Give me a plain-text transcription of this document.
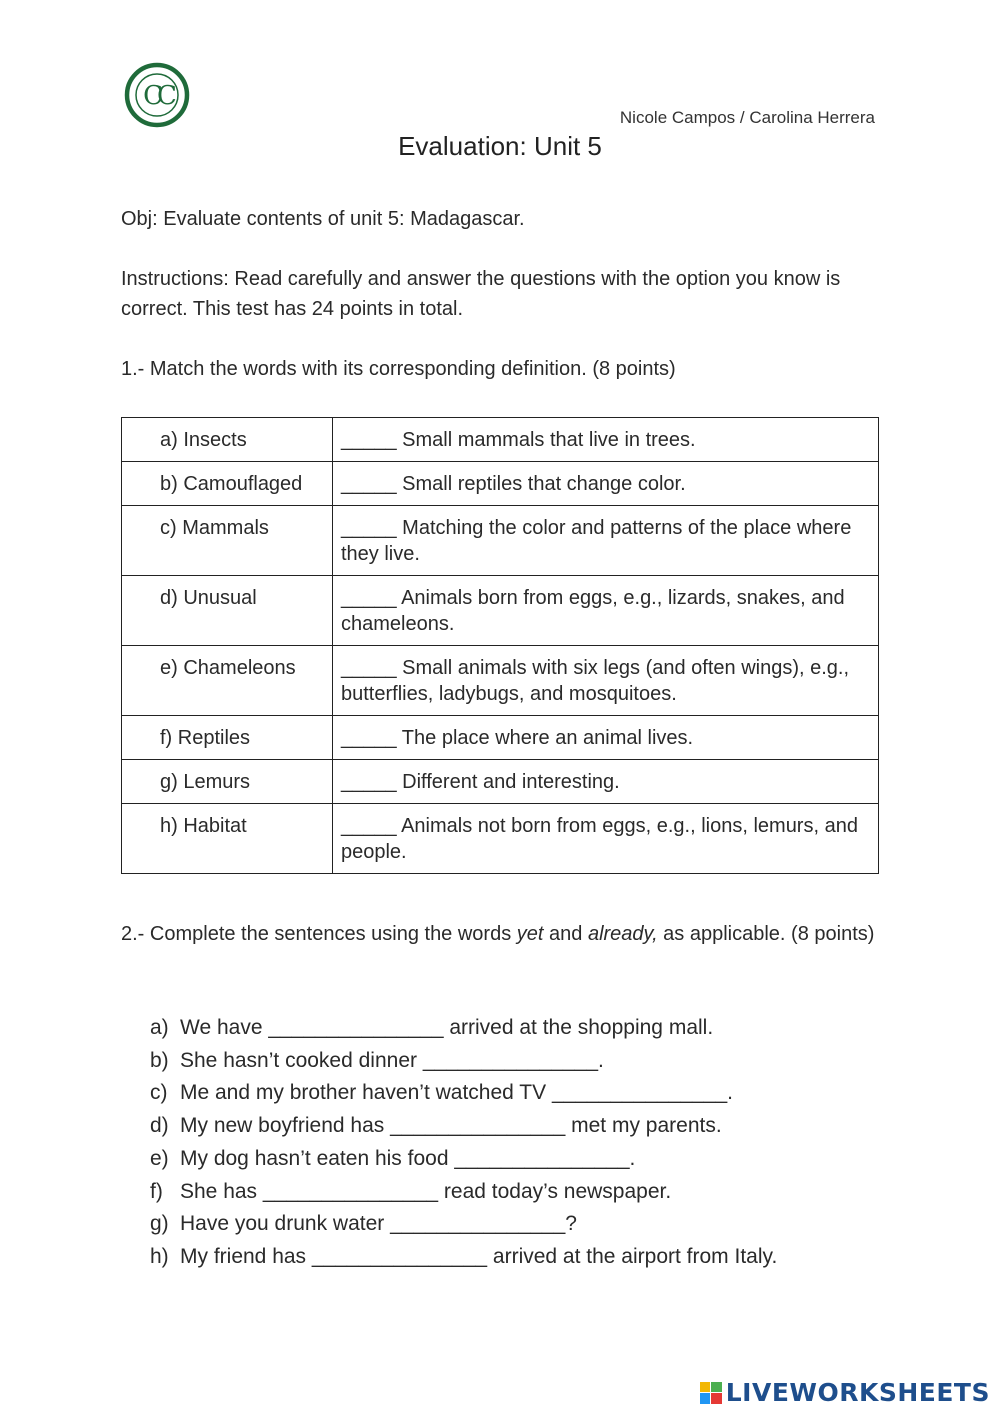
CC
Nicole Campos / Carolina Herrera
Evaluation: Unit 5
Obj: Evaluate contents of unit 5: Madagascar.
Instructions: Read carefully and answer the questions with the option you know is correct. This test has 24 points in total.
1.- Match the words with its corresponding definition. (8 points)
a) Insects	_____ Small mammals that live in trees.
b) Camouflaged	_____ Small reptiles that change color.
c) Mammals	_____ Matching the color and patterns of the place where they live.
d) Unusual	_____ Animals born from eggs, e.g., lizards, snakes, and chameleons.
e) Chameleons	_____ Small animals with six legs (and often wings), e.g., butterflies, ladybugs, and mosquitoes.
f) Reptiles	_____ The place where an animal lives.
g) Lemurs	_____ Different and interesting.
h) Habitat	_____ Animals not born from eggs, e.g., lions, lemurs, and people.
2.- Complete the sentences using the words yet and already, as applicable. (8 points)
a) We have _______________ arrived at the shopping mall.
b) She hasn’t cooked dinner _______________.
c) Me and my brother haven’t watched TV _______________.
d) My new boyfriend has _______________ met my parents.
e) My dog hasn’t eaten his food _______________.
f) She has _______________ read today’s newspaper.
g) Have you drunk water _______________?
h) My friend has _______________ arrived at the airport from Italy.
LIVEWORKSHEETS
